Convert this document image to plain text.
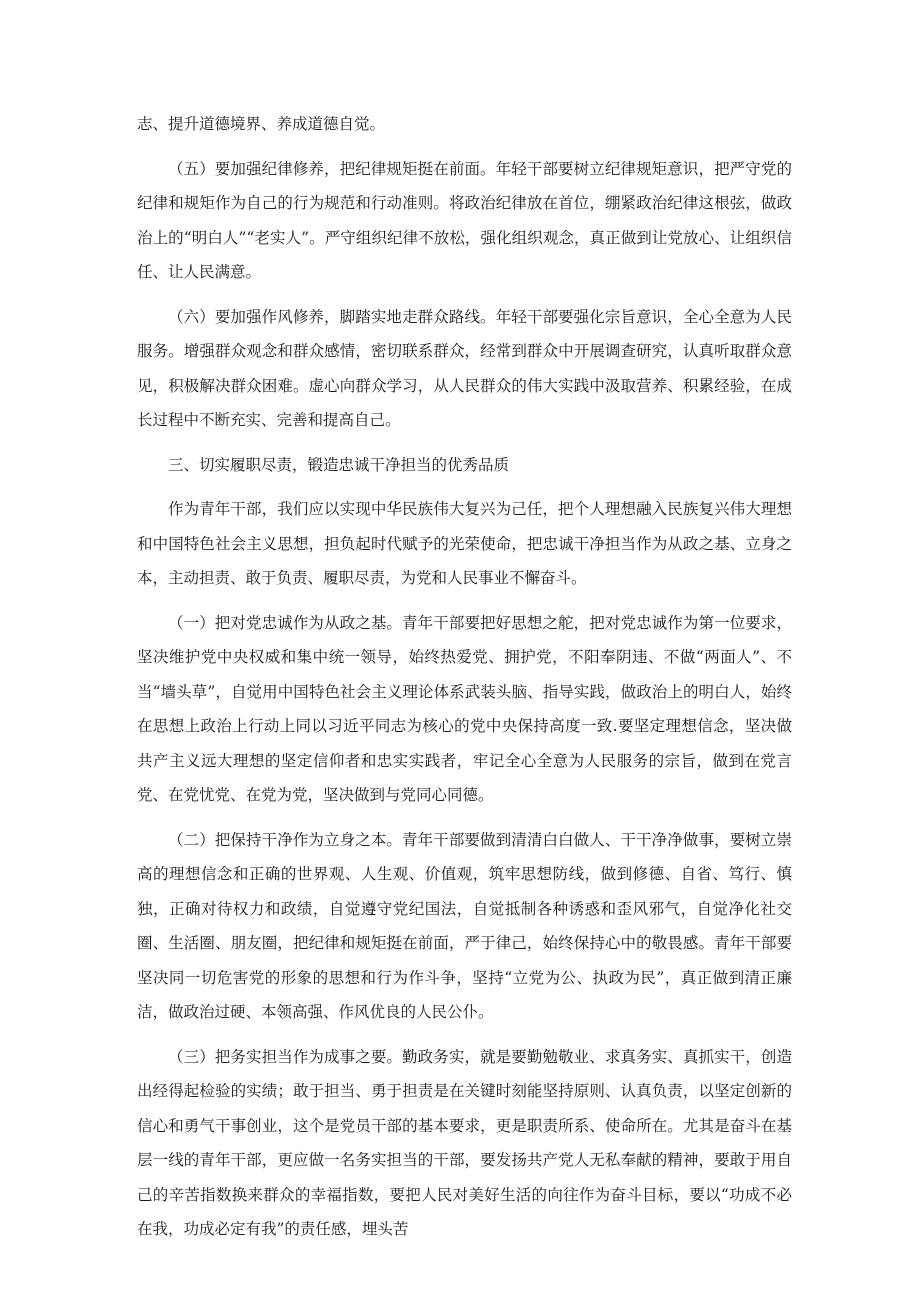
志、提升道德境界、养成道德自觉。

（五）要加强纪律修养，把纪律规矩挺在前面。年轻干部要树立纪律规矩意识，把严守党的纪律和规矩作为自己的行为规范和行动准则。将政治纪律放在首位，绷紧政治纪律这根弦，做政治上的“明白人”“老实人”。严守组织纪律不放松，强化组织观念，真正做到让党放心、让组织信任、让人民满意。

（六）要加强作风修养，脚踏实地走群众路线。年轻干部要强化宗旨意识，全心全意为人民服务。增强群众观念和群众感情，密切联系群众，经常到群众中开展调查研究，认真听取群众意见，积极解决群众困难。虚心向群众学习，从人民群众的伟大实践中汲取营养、积累经验，在成长过程中不断充实、完善和提高自己。

三、切实履职尽责，锻造忠诚干净担当的优秀品质

作为青年干部，我们应以实现中华民族伟大复兴为己任，把个人理想融入民族复兴伟大理想和中国特色社会主义思想，担负起时代赋予的光荣使命，把忠诚干净担当作为从政之基、立身之本，主动担责、敢于负责、履职尽责，为党和人民事业不懈奋斗。

（一）把对党忠诚作为从政之基。青年干部要把好思想之舵，把对党忠诚作为第一位要求，坚决维护党中央权威和集中统一领导，始终热爱党、拥护党，不阳奉阴违、不做“两面人”、不当“墙头草”，自觉用中国特色社会主义理论体系武装头脑、指导实践，做政治上的明白人，始终在思想上政治上行动上同以习近平同志为核心的党中央保持高度一致.要坚定理想信念，坚决做共产主义远大理想的坚定信仰者和忠实实践者，牢记全心全意为人民服务的宗旨，做到在党言党、在党忧党、在党为党，坚决做到与党同心同德。

（二）把保持干净作为立身之本。青年干部要做到清清白白做人、干干净净做事，要树立崇高的理想信念和正确的世界观、人生观、价值观，筑牢思想防线，做到修德、自省、笃行、慎独，正确对待权力和政绩，自觉遵守党纪国法，自觉抵制各种诱惑和歪风邪气，自觉净化社交圈、生活圈、朋友圈，把纪律和规矩挺在前面，严于律己，始终保持心中的敬畏感。青年干部要坚决同一切危害党的形象的思想和行为作斗争，坚持“立党为公、执政为民”，真正做到清正廉洁，做政治过硬、本领高强、作风优良的人民公仆。

（三）把务实担当作为成事之要。勤政务实，就是要勤勉敬业、求真务实、真抓实干，创造出经得起检验的实绩；敢于担当、勇于担责是在关键时刻能坚持原则、认真负责，以坚定创新的信心和勇气干事创业，这个是党员干部的基本要求，更是职责所系、使命所在。尤其是奋斗在基层一线的青年干部，更应做一名务实担当的干部，要发扬共产党人无私奉献的精神，要敢于用自己的辛苦指数换来群众的幸福指数，要把人民对美好生活的向往作为奋斗目标，要以“功成不必在我，功成必定有我”的责任感，埋头苦
